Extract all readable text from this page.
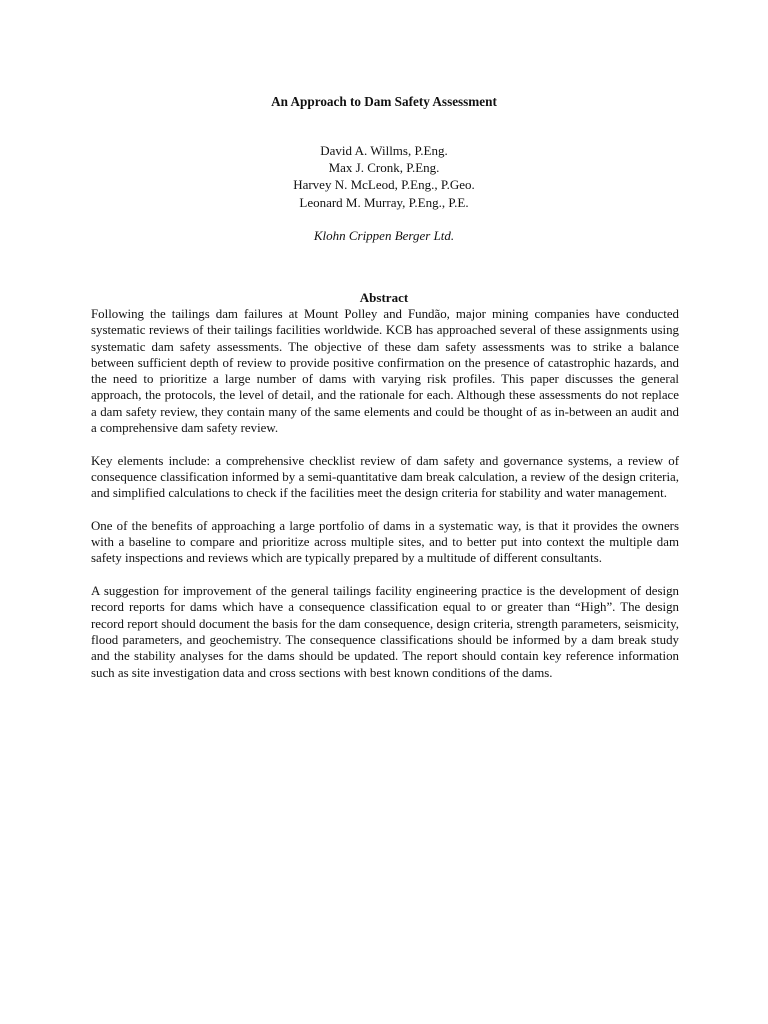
An Approach to Dam Safety Assessment
David A. Willms, P.Eng.
Max J. Cronk, P.Eng.
Harvey N. McLeod, P.Eng., P.Geo.
Leonard M. Murray, P.Eng., P.E.
Klohn Crippen Berger Ltd.
Abstract

Following the tailings dam failures at Mount Polley and Fundão, major mining companies have conducted systematic reviews of their tailings facilities worldwide. KCB has approached several of these assignments using systematic dam safety assessments. The objective of these dam safety assessments was to strike a balance between sufficient depth of review to provide positive confirmation on the presence of catastrophic hazards, and the need to prioritize a large number of dams with varying risk profiles. This paper discusses the general approach, the protocols, the level of detail, and the rationale for each. Although these assessments do not replace a dam safety review, they contain many of the same elements and could be thought of as in-between an audit and a comprehensive dam safety review.

Key elements include: a comprehensive checklist review of dam safety and governance systems, a review of consequence classification informed by a semi-quantitative dam break calculation, a review of the design criteria, and simplified calculations to check if the facilities meet the design criteria for stability and water management.

One of the benefits of approaching a large portfolio of dams in a systematic way, is that it provides the owners with a baseline to compare and prioritize across multiple sites, and to better put into context the multiple dam safety inspections and reviews which are typically prepared by a multitude of different consultants.

A suggestion for improvement of the general tailings facility engineering practice is the development of design record reports for dams which have a consequence classification equal to or greater than “High”. The design record report should document the basis for the dam consequence, design criteria, strength parameters, seismicity, flood parameters, and geochemistry. The consequence classifications should be informed by a dam break study and the stability analyses for the dams should be updated. The report should contain key reference information such as site investigation data and cross sections with best known conditions of the dams.
